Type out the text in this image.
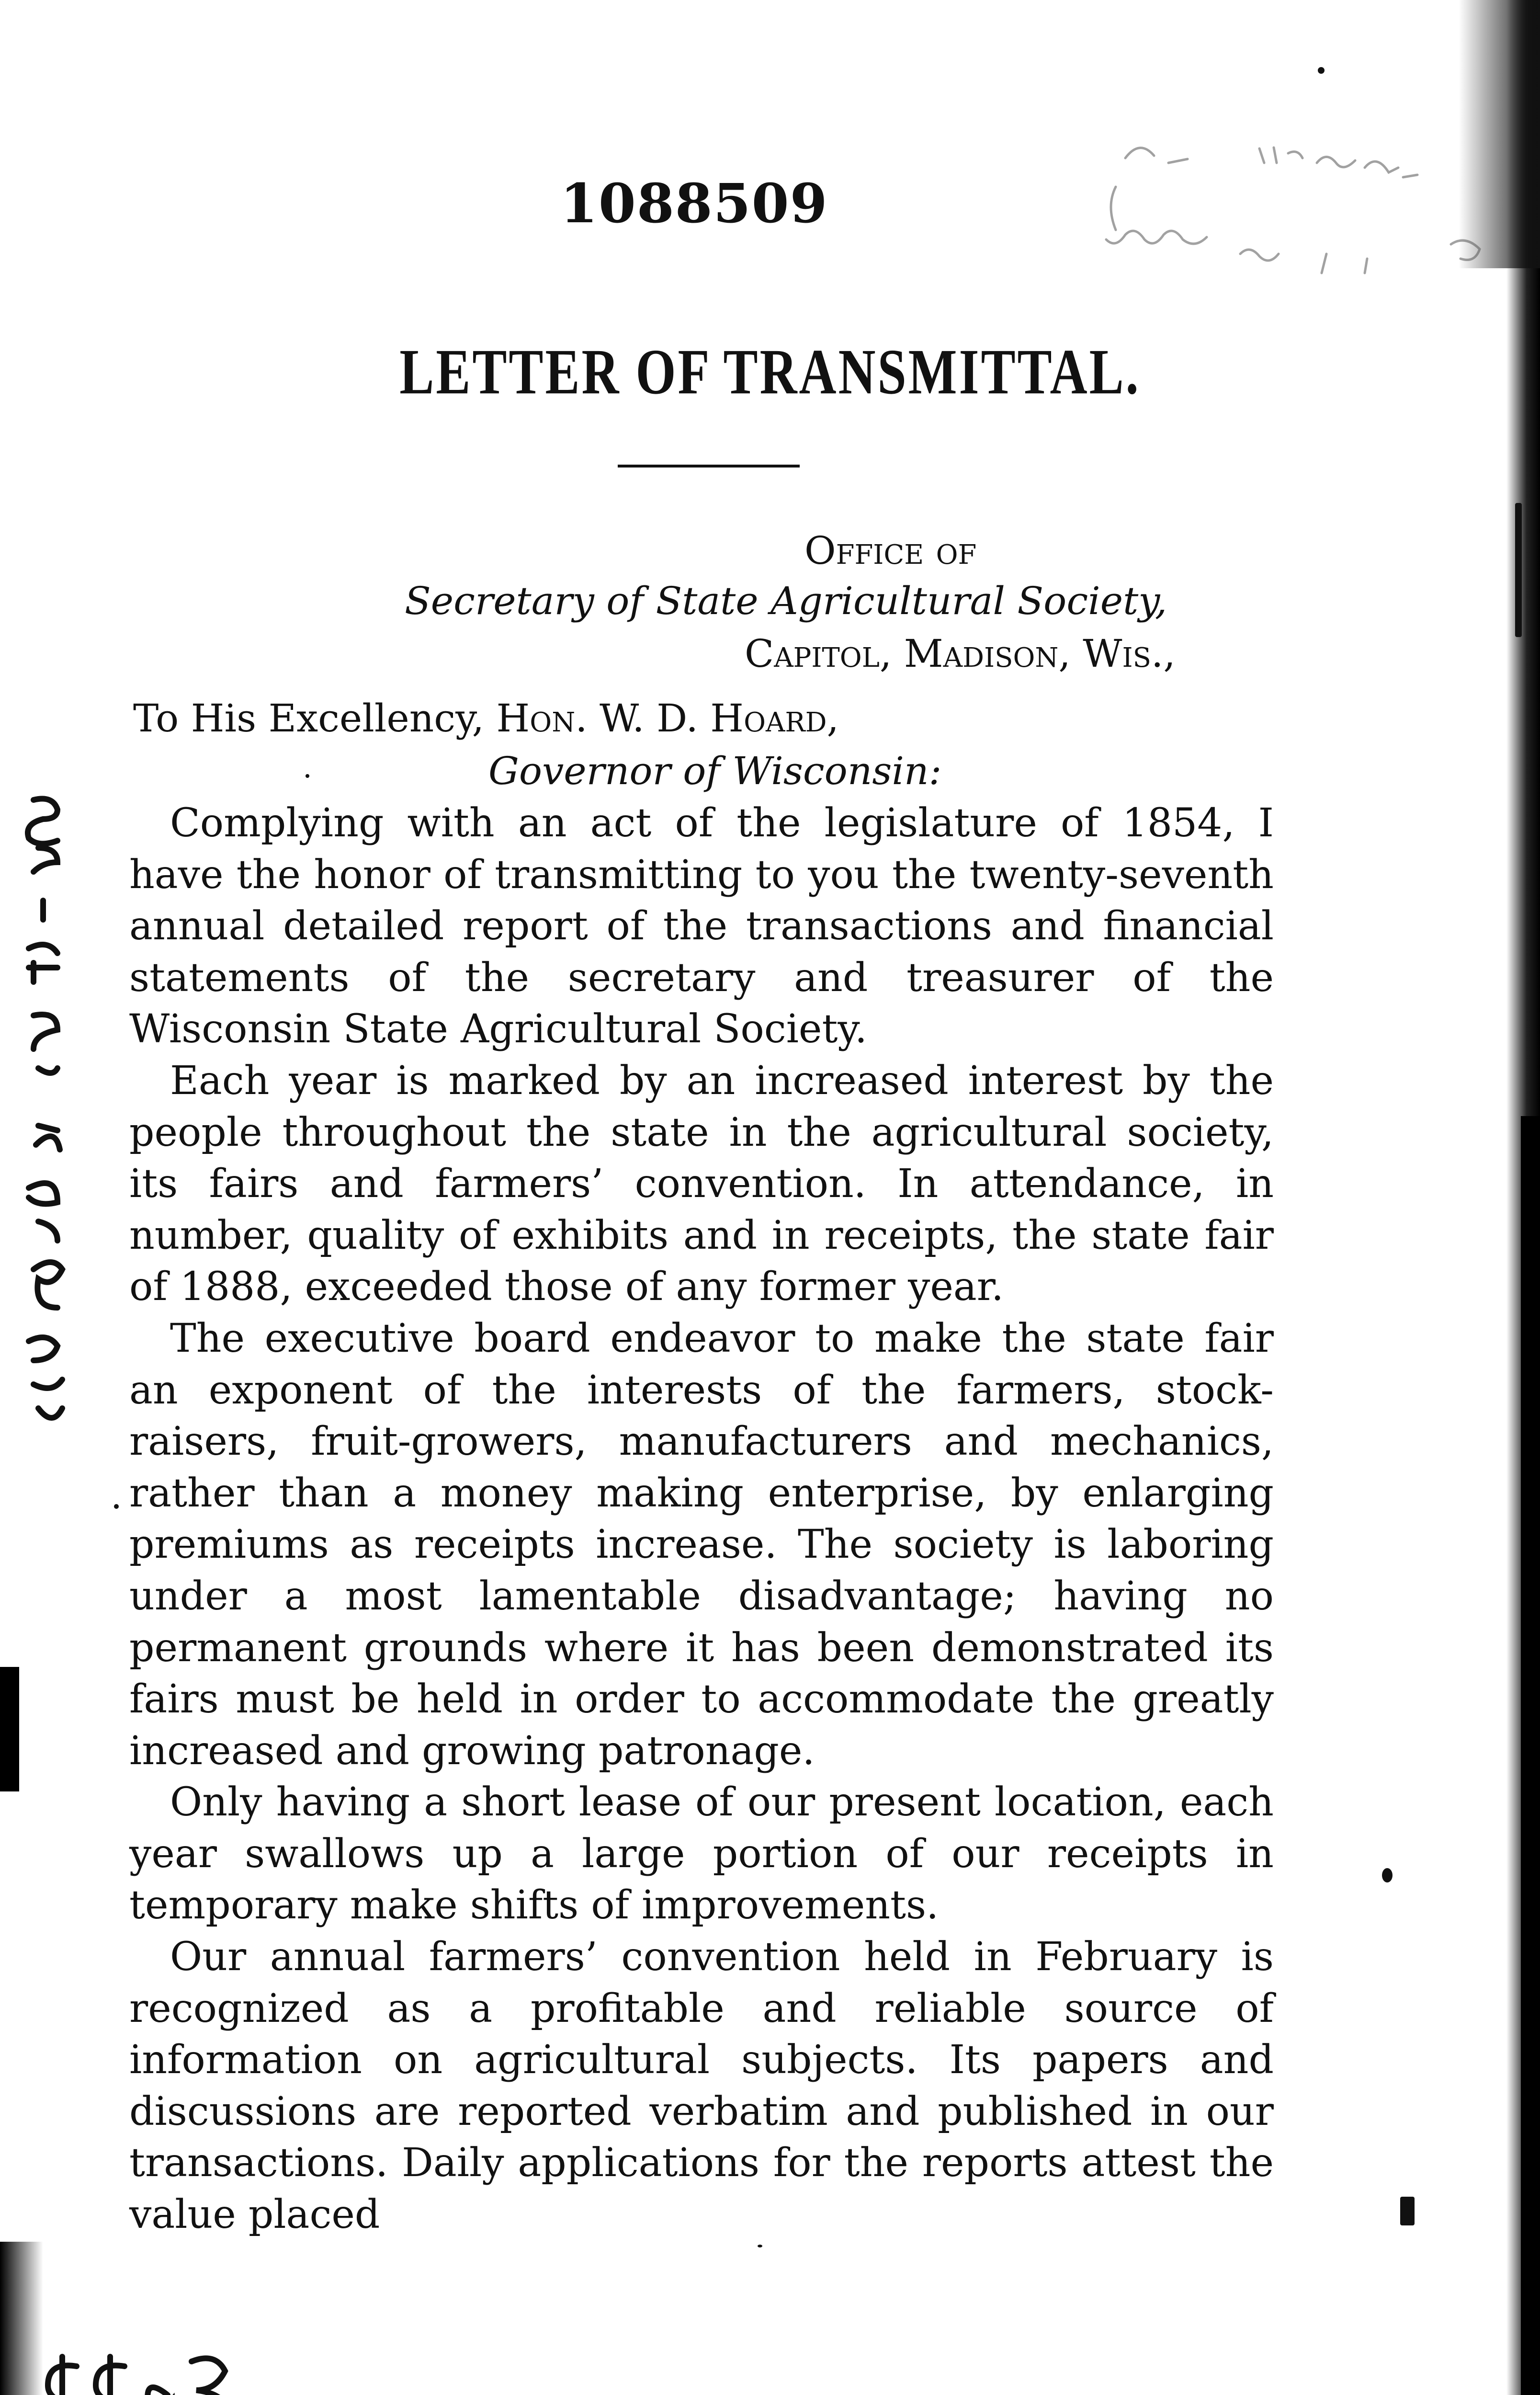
1088509
LETTER OF TRANSMITTAL.
Office of
Secretary of State Agricultural Society,
Capitol, Madison, Wis.,
To His Excellency, Hon. W. D. Hoard,
Governor of Wisconsin:

Complying with an act of the legislature of 1854, I have the honor of transmitting to you the twenty-seventh annual detailed report of the transactions and financial statements of the secretary and treasurer of the Wisconsin State Agricultural Society.

Each year is marked by an increased interest by the people throughout the state in the agricultural society, its fairs and farmers’ convention. In attendance, in number, quality of exhibits and in receipts, the state fair of 1888, exceeded those of any former year.

The executive board endeavor to make the state fair an exponent of the interests of the farmers, stock-raisers, fruit-growers, manufacturers and mechanics, rather than a money making enterprise, by enlarging premiums as receipts increase. The society is laboring under a most lamentable disadvantage; having no permanent grounds where it has been demonstrated its fairs must be held in order to accommodate the greatly increased and growing patronage.

Only having a short lease of our present location, each year swallows up a large portion of our receipts in temporary make shifts of improvements.

Our annual farmers’ convention held in February is recognized as a profitable and reliable source of information on agricultural subjects. Its papers and discussions are reported verbatim and published in our transactions. Daily applications for the reports attest the value placed
